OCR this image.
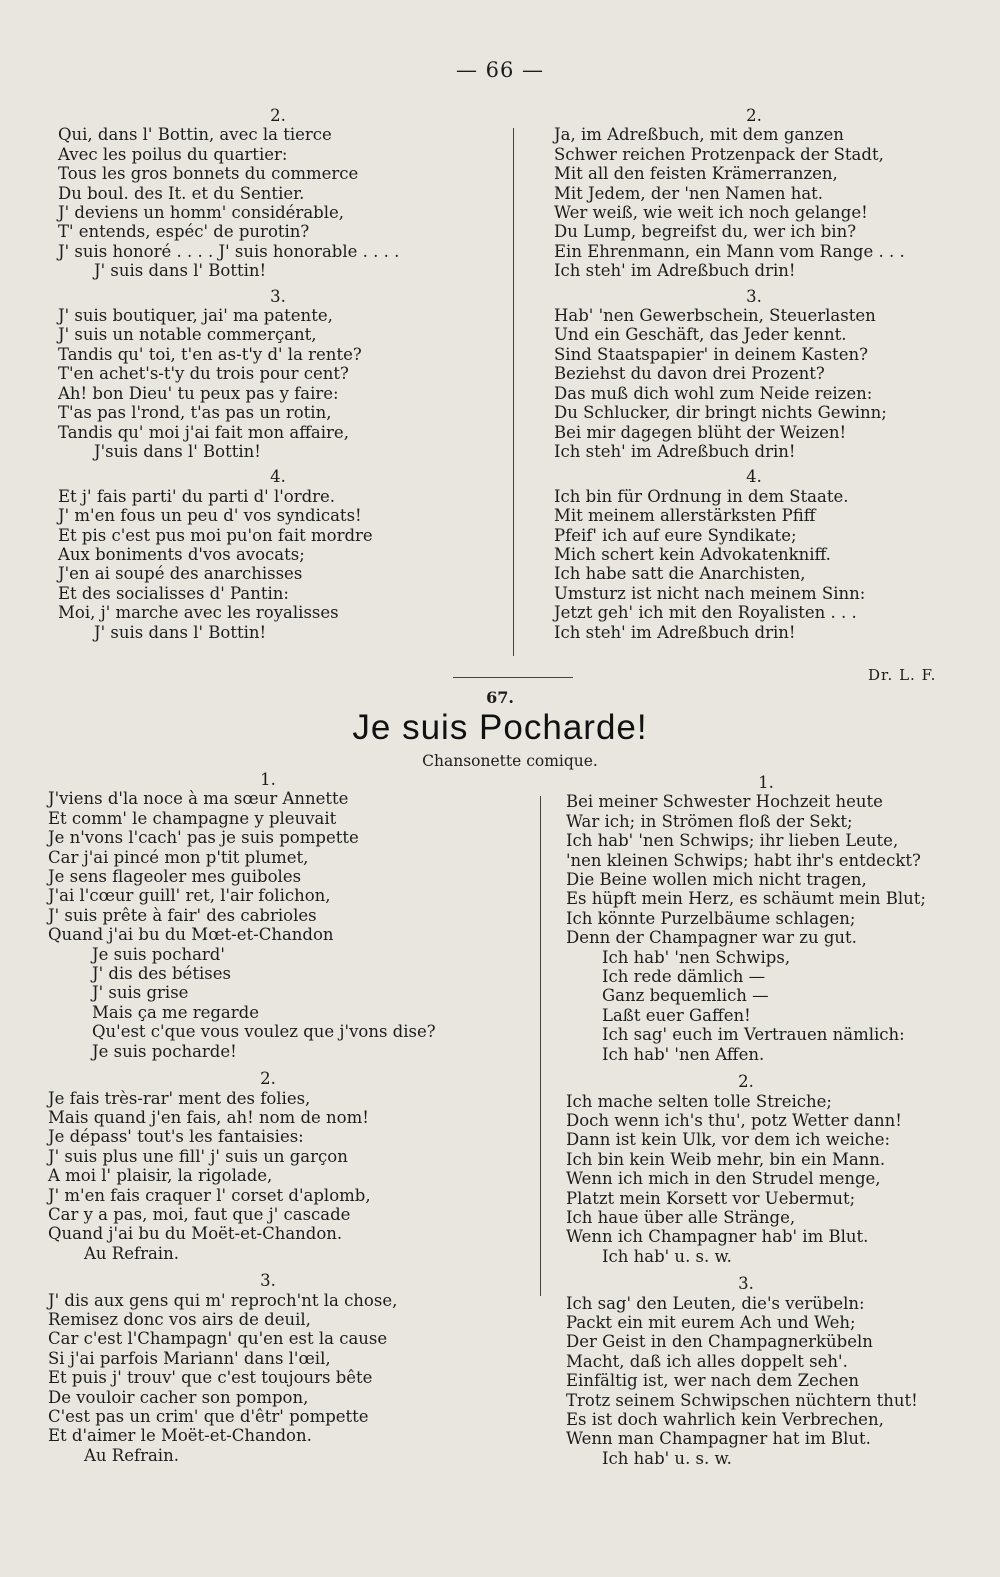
— 66 —
2.
Qui, dans l' Bottin, avec la tierce
Avec les poilus du quartier:
Tous les gros bonnets du commerce
Du boul. des It. et du Sentier.
J' deviens un homm' considérable,
T' entends, espéc' de purotin?
J' suis honoré . . . . J' suis honorable . . . .
J' suis dans l' Bottin!
3.
J' suis boutiquer, jai' ma patente,
J' suis un notable commerçant,
Tandis qu' toi, t'en as-t'y d' la rente?
T'en achet's-t'y du trois pour cent?
Ah! bon Dieu' tu peux pas y faire:
T'as pas l'rond, t'as pas un rotin,
Tandis qu' moi j'ai fait mon affaire,
J'suis dans l' Bottin!
4.
Et j' fais parti' du parti d' l'ordre.
J' m'en fous un peu d' vos syndicats!
Et pis c'est pus moi pu'on fait mordre
Aux boniments d'vos avocats;
J'en ai soupé des anarchisses
Et des socialisses d' Pantin:
Moi, j' marche avec les royalisses
J' suis dans l' Bottin!
2.
Ja, im Adreßbuch, mit dem ganzen
Schwer reichen Protzenpack der Stadt,
Mit all den feisten Krämerranzen,
Mit Jedem, der 'nen Namen hat.
Wer weiß, wie weit ich noch gelange!
Du Lump, begreifst du, wer ich bin?
Ein Ehrenmann, ein Mann vom Range . . .
Ich steh' im Adreßbuch drin!
3.
Hab' 'nen Gewerbschein, Steuerlasten
Und ein Geschäft, das Jeder kennt.
Sind Staatspapier' in deinem Kasten?
Beziehst du davon drei Prozent?
Das muß dich wohl zum Neide reizen:
Du Schlucker, dir bringt nichts Gewinn;
Bei mir dagegen blüht der Weizen!
Ich steh' im Adreßbuch drin!
4.
Ich bin für Ordnung in dem Staate.
Mit meinem allerstärksten Pfiff
Pfeif' ich auf eure Syndikate;
Mich schert kein Advokatenkniff.
Ich habe satt die Anarchisten,
Umsturz ist nicht nach meinem Sinn:
Jetzt geh' ich mit den Royalisten . . .
Ich steh' im Adreßbuch drin!
Dr. L. F.
67.
Je suis Pocharde!
Chansonette comique.
1.
J'viens d'la noce à ma sœur Annette
Et comm' le champagne y pleuvait
Je n'vons l'cach' pas je suis pompette
Car j'ai pincé mon p'tit plumet,
Je sens flageoler mes guiboles
J'ai l'cœur guill' ret, l'air folichon,
J' suis prête à fair' des cabrioles
Quand j'ai bu du Mœt-et-Chandon
Je suis pochard'
J' dis des bétises
J' suis grise
Mais ça me regarde
Qu'est c'que vous voulez que j'vons dise?
Je suis pocharde!
2.
Je fais très-rar' ment des folies,
Mais quand j'en fais, ah! nom de nom!
Je dépass' tout's les fantaisies:
J' suis plus une fill' j' suis un garçon
A moi l' plaisir, la rigolade,
J' m'en fais craquer l' corset d'aplomb,
Car y a pas, moi, faut que j' cascade
Quand j'ai bu du Moët-et-Chandon.
Au Refrain.
3.
J' dis aux gens qui m' reproch'nt la chose,
Remisez donc vos airs de deuil,
Car c'est l'Champagn' qu'en est la cause
Si j'ai parfois Mariann' dans l'œil,
Et puis j' trouv' que c'est toujours bête
De vouloir cacher son pompon,
C'est pas un crim' que d'êtr' pompette
Et d'aimer le Moët-et-Chandon.
Au Refrain.
1.
Bei meiner Schwester Hochzeit heute
War ich; in Strömen floß der Sekt;
Ich hab' 'nen Schwips; ihr lieben Leute,
'nen kleinen Schwips; habt ihr's entdeckt?
Die Beine wollen mich nicht tragen,
Es hüpft mein Herz, es schäumt mein Blut;
Ich könnte Purzelbäume schlagen;
Denn der Champagner war zu gut.
Ich hab' 'nen Schwips,
Ich rede dämlich —
Ganz bequemlich —
Laßt euer Gaffen!
Ich sag' euch im Vertrauen nämlich:
Ich hab' 'nen Affen.
2.
Ich mache selten tolle Streiche;
Doch wenn ich's thu', potz Wetter dann!
Dann ist kein Ulk, vor dem ich weiche:
Ich bin kein Weib mehr, bin ein Mann.
Wenn ich mich in den Strudel menge,
Platzt mein Korsett vor Uebermut;
Ich haue über alle Stränge,
Wenn ich Champagner hab' im Blut.
Ich hab' u. s. w.
3.
Ich sag' den Leuten, die's verübeln:
Packt ein mit eurem Ach und Weh;
Der Geist in den Champagnerkübeln
Macht, daß ich alles doppelt seh'.
Einfältig ist, wer nach dem Zechen
Trotz seinem Schwipschen nüchtern thut!
Es ist doch wahrlich kein Verbrechen,
Wenn man Champagner hat im Blut.
Ich hab' u. s. w.
